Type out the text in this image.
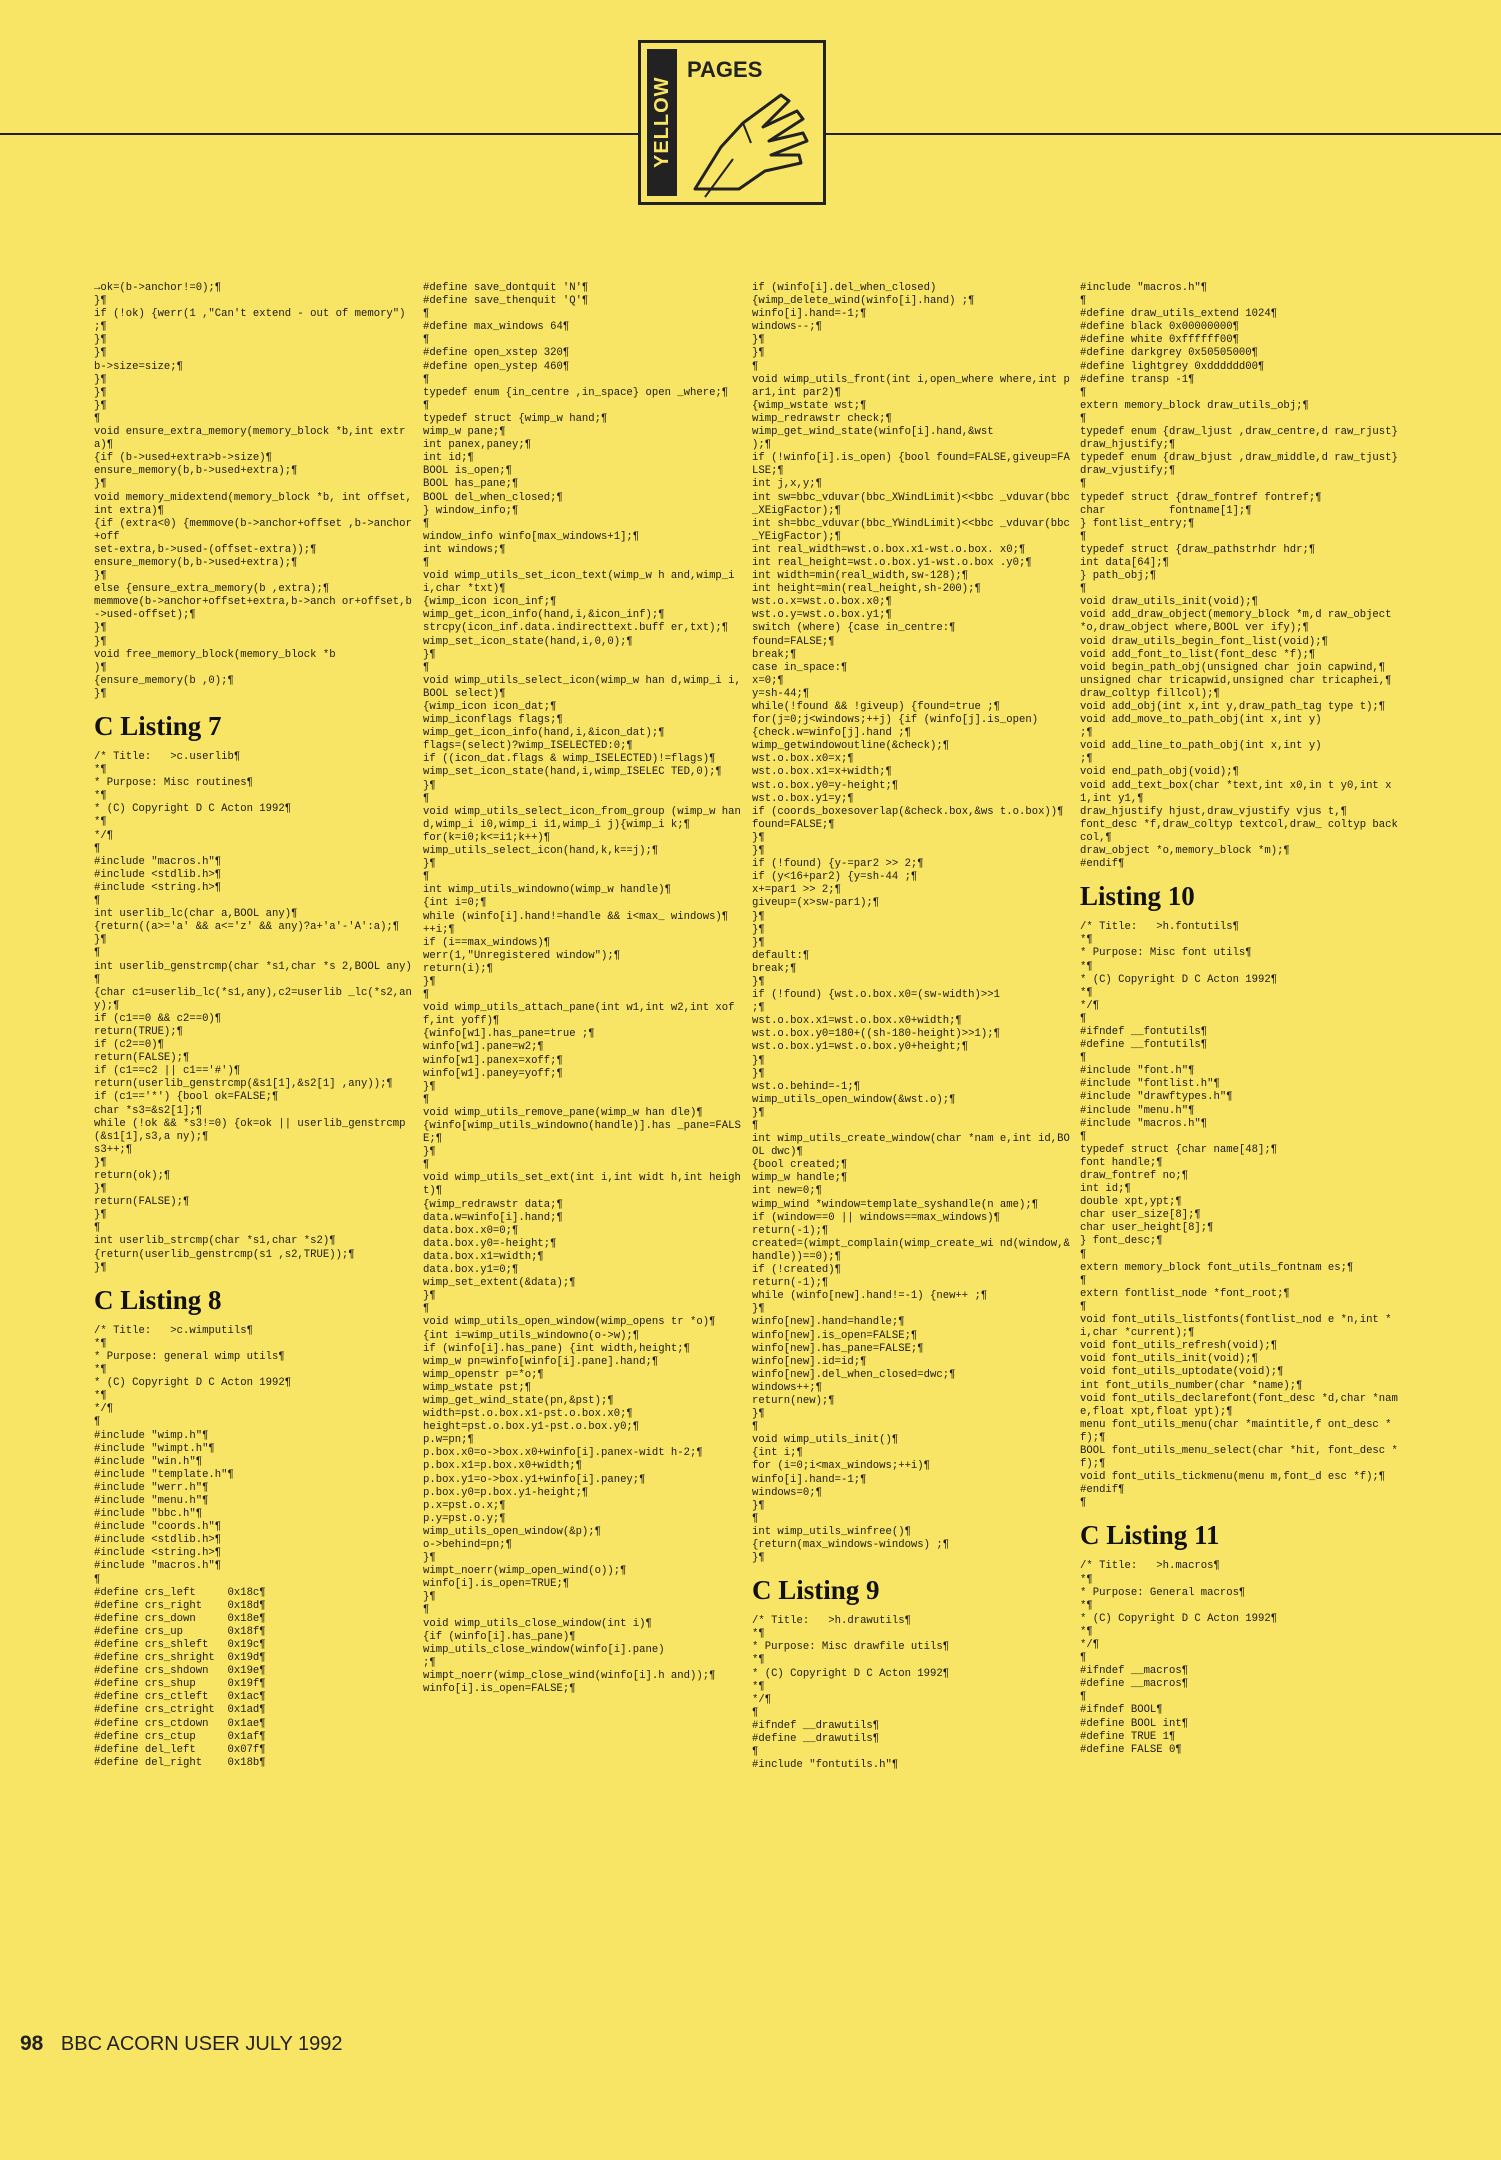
YELLOW
PAGES
→ok=(b->anchor!=0);¶
}¶
if (!ok) {werr(1 ,"Can't extend - out of memory")
;¶
}¶
}¶
b->size=size;¶
}¶
}¶
}¶
¶
void ensure_extra_memory(memory_block *b,int extra)¶
{if (b->used+extra>b->size)¶
ensure_memory(b,b->used+extra);¶
}¶
void memory_midextend(memory_block *b, int offset,int extra)¶
{if (extra<0) {memmove(b->anchor+offset ,b->anchor+off
set-extra,b->used-(offset-extra));¶
ensure_memory(b,b->used+extra);¶
}¶
else {ensure_extra_memory(b ,extra);¶
memmove(b->anchor+offset+extra,b->anch or+offset,b->used-offset);¶
}¶
}¶
void free_memory_block(memory_block *b
)¶
{ensure_memory(b ,0);¶
}¶
C Listing 7
/* Title:   >c.userlib¶
*¶
* Purpose: Misc routines¶
*¶
* (C) Copyright D C Acton 1992¶
*¶
*/¶
¶
#include "macros.h"¶
#include <stdlib.h>¶
#include <string.h>¶
¶
int userlib_lc(char a,BOOL any)¶
{return((a>='a' && a<='z' && any)?a+'a'-'A':a);¶
}¶
¶
int userlib_genstrcmp(char *s1,char *s 2,BOOL any)¶
{char c1=userlib_lc(*s1,any),c2=userlib _lc(*s2,any);¶
if (c1==0 && c2==0)¶
return(TRUE);¶
if (c2==0)¶
return(FALSE);¶
if (c1==c2 || c1=='#')¶
return(userlib_genstrcmp(&s1[1],&s2[1] ,any));¶
if (c1=='*') {bool ok=FALSE;¶
char *s3=&s2[1];¶
while (!ok && *s3!=0) {ok=ok || userlib_genstrcmp(&s1[1],s3,a ny);¶
s3++;¶
}¶
return(ok);¶
}¶
return(FALSE);¶
}¶
¶
int userlib_strcmp(char *s1,char *s2)¶
{return(userlib_genstrcmp(s1 ,s2,TRUE));¶
}¶
C Listing 8
/* Title:   >c.wimputils¶
*¶
* Purpose: general wimp utils¶
*¶
* (C) Copyright D C Acton 1992¶
*¶
*/¶
¶
#include "wimp.h"¶
#include "wimpt.h"¶
#include "win.h"¶
#include "template.h"¶
#include "werr.h"¶
#include "menu.h"¶
#include "bbc.h"¶
#include "coords.h"¶
#include <stdlib.h>¶
#include <string.h>¶
#include "macros.h"¶
¶
#define crs_left     0x18c¶
#define crs_right    0x18d¶
#define crs_down     0x18e¶
#define crs_up       0x18f¶
#define crs_shleft   0x19c¶
#define crs_shright  0x19d¶
#define crs_shdown   0x19e¶
#define crs_shup     0x19f¶
#define crs_ctleft   0x1ac¶
#define crs_ctright  0x1ad¶
#define crs_ctdown   0x1ae¶
#define crs_ctup     0x1af¶
#define del_left     0x07f¶
#define del_right    0x18b¶
#define save_dontquit 'N'¶
#define save_thenquit 'Q'¶
¶
#define max_windows 64¶
¶
#define open_xstep 320¶
#define open_ystep 460¶
¶
typedef enum {in_centre ,in_space} open _where;¶
¶
typedef struct {wimp_w hand;¶
wimp_w pane;¶
int panex,paney;¶
int id;¶
BOOL is_open;¶
BOOL has_pane;¶
BOOL del_when_closed;¶
} window_info;¶
¶
window_info winfo[max_windows+1];¶
int windows;¶
¶
void wimp_utils_set_icon_text(wimp_w h and,wimp_i i,char *txt)¶
{wimp_icon icon_inf;¶
wimp_get_icon_info(hand,i,&icon_inf);¶
strcpy(icon_inf.data.indirecttext.buff er,txt);¶
wimp_set_icon_state(hand,i,0,0);¶
}¶
¶
void wimp_utils_select_icon(wimp_w han d,wimp_i i,BOOL select)¶
{wimp_icon icon_dat;¶
wimp_iconflags flags;¶
wimp_get_icon_info(hand,i,&icon_dat);¶
flags=(select)?wimp_ISELECTED:0;¶
if ((icon_dat.flags & wimp_ISELECTED)!=flags)¶
wimp_set_icon_state(hand,i,wimp_ISELEC TED,0);¶
}¶
¶
void wimp_utils_select_icon_from_group (wimp_w hand,wimp_i i0,wimp_i i1,wimp_i j){wimp_i k;¶
for(k=i0;k<=i1;k++)¶
wimp_utils_select_icon(hand,k,k==j);¶
}¶
¶
int wimp_utils_windowno(wimp_w handle)¶
{int i=0;¶
while (winfo[i].hand!=handle && i<max_ windows)¶
++i;¶
if (i==max_windows)¶
werr(1,"Unregistered window");¶
return(i);¶
}¶
¶
void wimp_utils_attach_pane(int w1,int w2,int xoff,int yoff)¶
{winfo[w1].has_pane=true ;¶
winfo[w1].pane=w2;¶
winfo[w1].panex=xoff;¶
winfo[w1].paney=yoff;¶
}¶
¶
void wimp_utils_remove_pane(wimp_w han dle)¶
{winfo[wimp_utils_windowno(handle)].has _pane=FALSE;¶
}¶
¶
void wimp_utils_set_ext(int i,int widt h,int height)¶
{wimp_redrawstr data;¶
data.w=winfo[i].hand;¶
data.box.x0=0;¶
data.box.y0=-height;¶
data.box.x1=width;¶
data.box.y1=0;¶
wimp_set_extent(&data);¶
}¶
¶
void wimp_utils_open_window(wimp_opens tr *o)¶
{int i=wimp_utils_windowno(o->w);¶
if (winfo[i].has_pane) {int width,height;¶
wimp_w pn=winfo[winfo[i].pane].hand;¶
wimp_openstr p=*o;¶
wimp_wstate pst;¶
wimp_get_wind_state(pn,&pst);¶
width=pst.o.box.x1-pst.o.box.x0;¶
height=pst.o.box.y1-pst.o.box.y0;¶
p.w=pn;¶
p.box.x0=o->box.x0+winfo[i].panex-widt h-2;¶
p.box.x1=p.box.x0+width;¶
p.box.y1=o->box.y1+winfo[i].paney;¶
p.box.y0=p.box.y1-height;¶
p.x=pst.o.x;¶
p.y=pst.o.y;¶
wimp_utils_open_window(&p);¶
o->behind=pn;¶
}¶
wimpt_noerr(wimp_open_wind(o));¶
winfo[i].is_open=TRUE;¶
}¶
¶
void wimp_utils_close_window(int i)¶
{if (winfo[i].has_pane)¶
wimp_utils_close_window(winfo[i].pane)
;¶
wimpt_noerr(wimp_close_wind(winfo[i].h and));¶
winfo[i].is_open=FALSE;¶
if (winfo[i].del_when_closed)
{wimp_delete_wind(winfo[i].hand) ;¶
winfo[i].hand=-1;¶
windows--;¶
}¶
}¶
¶
void wimp_utils_front(int i,open_where where,int par1,int par2)¶
{wimp_wstate wst;¶
wimp_redrawstr check;¶
wimp_get_wind_state(winfo[i].hand,&wst
);¶
if (!winfo[i].is_open) {bool found=FALSE,giveup=FALSE;¶
int j,x,y;¶
int sw=bbc_vduvar(bbc_XWindLimit)<<bbc _vduvar(bbc_XEigFactor);¶
int sh=bbc_vduvar(bbc_YWindLimit)<<bbc _vduvar(bbc_YEigFactor);¶
int real_width=wst.o.box.x1-wst.o.box. x0;¶
int real_height=wst.o.box.y1-wst.o.box .y0;¶
int width=min(real_width,sw-128);¶
int height=min(real_height,sh-200);¶
wst.o.x=wst.o.box.x0;¶
wst.o.y=wst.o.box.y1;¶
switch (where) {case in_centre:¶
found=FALSE;¶
break;¶
case in_space:¶
x=0;¶
y=sh-44;¶
while(!found && !giveup) {found=true ;¶
for(j=0;j<windows;++j) {if (winfo[j].is_open)
{check.w=winfo[j].hand ;¶
wimp_getwindowoutline(&check);¶
wst.o.box.x0=x;¶
wst.o.box.x1=x+width;¶
wst.o.box.y0=y-height;¶
wst.o.box.y1=y;¶
if (coords_boxesoverlap(&check.box,&ws t.o.box))¶
found=FALSE;¶
}¶
}¶
if (!found) {y-=par2 >> 2;¶
if (y<16+par2) {y=sh-44 ;¶
x+=par1 >> 2;¶
giveup=(x>sw-par1);¶
}¶
}¶
}¶
default:¶
break;¶
}¶
if (!found) {wst.o.box.x0=(sw-width)>>1
;¶
wst.o.box.x1=wst.o.box.x0+width;¶
wst.o.box.y0=180+((sh-180-height)>>1);¶
wst.o.box.y1=wst.o.box.y0+height;¶
}¶
}¶
wst.o.behind=-1;¶
wimp_utils_open_window(&wst.o);¶
}¶
¶
int wimp_utils_create_window(char *nam e,int id,BOOL dwc)¶
{bool created;¶
wimp_w handle;¶
int new=0;¶
wimp_wind *window=template_syshandle(n ame);¶
if (window==0 || windows==max_windows)¶
return(-1);¶
created=(wimpt_complain(wimp_create_wi nd(window,&handle))==0);¶
if (!created)¶
return(-1);¶
while (winfo[new].hand!=-1) {new++ ;¶
}¶
winfo[new].hand=handle;¶
winfo[new].is_open=FALSE;¶
winfo[new].has_pane=FALSE;¶
winfo[new].id=id;¶
winfo[new].del_when_closed=dwc;¶
windows++;¶
return(new);¶
}¶
¶
void wimp_utils_init()¶
{int i;¶
for (i=0;i<max_windows;++i)¶
winfo[i].hand=-1;¶
windows=0;¶
}¶
¶
int wimp_utils_winfree()¶
{return(max_windows-windows) ;¶
}¶
C Listing 9
/* Title:   >h.drawutils¶
*¶
* Purpose: Misc drawfile utils¶
*¶
* (C) Copyright D C Acton 1992¶
*¶
*/¶
¶
#ifndef __drawutils¶
#define __drawutils¶
¶
#include "fontutils.h"¶
#include "macros.h"¶
¶
#define draw_utils_extend 1024¶
#define black 0x00000000¶
#define white 0xffffff00¶
#define darkgrey 0x50505000¶
#define lightgrey 0xdddddd00¶
#define transp -1¶
¶
extern memory_block draw_utils_obj;¶
¶
typedef enum {draw_ljust ,draw_centre,d raw_rjust} draw_hjustify;¶
typedef enum {draw_bjust ,draw_middle,d raw_tjust} draw_vjustify;¶
¶
typedef struct {draw_fontref fontref;¶
char          fontname[1];¶
} fontlist_entry;¶
¶
typedef struct {draw_pathstrhdr hdr;¶
int data[64];¶
} path_obj;¶
¶
void draw_utils_init(void);¶
void add_draw_object(memory_block *m,d raw_object *o,draw_object where,BOOL ver ify);¶
void draw_utils_begin_font_list(void);¶
void add_font_to_list(font_desc *f);¶
void begin_path_obj(unsigned char join capwind,¶
unsigned char tricapwid,unsigned char tricaphei,¶
draw_coltyp fillcol);¶
void add_obj(int x,int y,draw_path_tag type t);¶
void add_move_to_path_obj(int x,int y)
;¶
void add_line_to_path_obj(int x,int y)
;¶
void end_path_obj(void);¶
void add_text_box(char *text,int x0,in t y0,int x1,int y1,¶
draw_hjustify hjust,draw_vjustify vjus t,¶
font_desc *f,draw_coltyp textcol,draw_ coltyp backcol,¶
draw_object *o,memory_block *m);¶
#endif¶
Listing 10
/* Title:   >h.fontutils¶
*¶
* Purpose: Misc font utils¶
*¶
* (C) Copyright D C Acton 1992¶
*¶
*/¶
¶
#ifndef __fontutils¶
#define __fontutils¶
¶
#include "font.h"¶
#include "fontlist.h"¶
#include "drawftypes.h"¶
#include "menu.h"¶
#include "macros.h"¶
¶
typedef struct {char name[48];¶
font handle;¶
draw_fontref no;¶
int id;¶
double xpt,ypt;¶
char user_size[8];¶
char user_height[8];¶
} font_desc;¶
¶
extern memory_block font_utils_fontnam es;¶
¶
extern fontlist_node *font_root;¶
¶
void font_utils_listfonts(fontlist_nod e *n,int *i,char *current);¶
void font_utils_refresh(void);¶
void font_utils_init(void);¶
void font_utils_uptodate(void);¶
int font_utils_number(char *name);¶
void font_utils_declarefont(font_desc *d,char *name,float xpt,float ypt);¶
menu font_utils_menu(char *maintitle,f ont_desc *f);¶
BOOL font_utils_menu_select(char *hit, font_desc *f);¶
void font_utils_tickmenu(menu m,font_d esc *f);¶
#endif¶
¶
C Listing 11
/* Title:   >h.macros¶
*¶
* Purpose: General macros¶
*¶
* (C) Copyright D C Acton 1992¶
*¶
*/¶
¶
#ifndef __macros¶
#define __macros¶
¶
#ifndef BOOL¶
#define BOOL int¶
#define TRUE 1¶
#define FALSE 0¶
98 BBC ACORN USER JULY 1992
